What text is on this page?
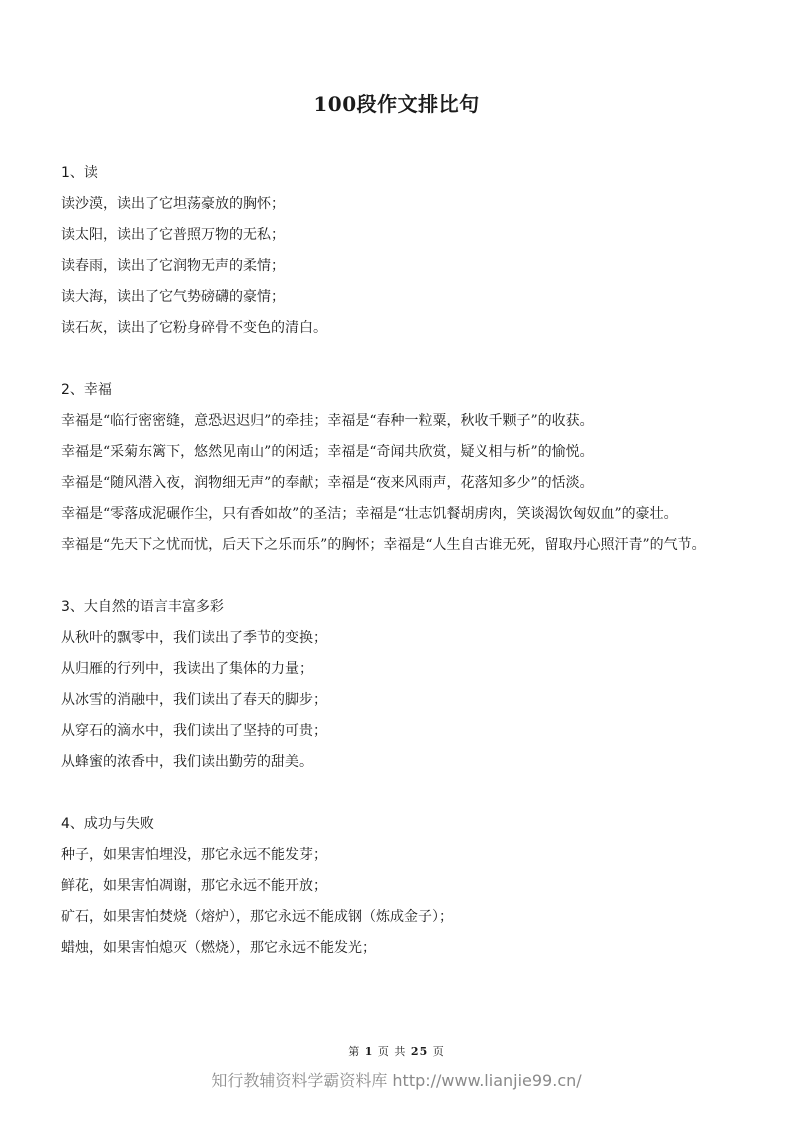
100段作文排比句
1、读
读沙漠，读出了它坦荡豪放的胸怀；
读太阳，读出了它普照万物的无私；
读春雨，读出了它润物无声的柔情；
读大海，读出了它气势磅礴的豪情；
读石灰，读出了它粉身碎骨不变色的清白。
2、幸福
幸福是“临行密密缝，意恐迟迟归”的牵挂；幸福是“春种一粒粟，秋收千颗子”的收获。
幸福是“采菊东篱下，悠然见南山”的闲适；幸福是“奇闻共欣赏，疑义相与析”的愉悦。
幸福是“随风潜入夜，润物细无声”的奉献；幸福是“夜来风雨声，花落知多少”的恬淡。
幸福是“零落成泥碾作尘，只有香如故”的圣洁；幸福是“壮志饥餐胡虏肉，笑谈渴饮匈奴血”的豪壮。
幸福是“先天下之忧而忧，后天下之乐而乐”的胸怀；幸福是“人生自古谁无死，留取丹心照汗青”的气节。
3、大自然的语言丰富多彩
从秋叶的飘零中，我们读出了季节的变换；
从归雁的行列中，我读出了集体的力量；
从冰雪的消融中，我们读出了春天的脚步；
从穿石的滴水中，我们读出了坚持的可贵；
从蜂蜜的浓香中，我们读出勤劳的甜美。
4、成功与失败
种子，如果害怕埋没，那它永远不能发芽；
鲜花，如果害怕凋谢，那它永远不能开放；
矿石，如果害怕焚烧（熔炉），那它永远不能成钢（炼成金子）；
蜡烛，如果害怕熄灭（燃烧），那它永远不能发光；
第 1 页 共 25 页
知行教辅资料学霸资料库 http://www.lianjie99.cn/
